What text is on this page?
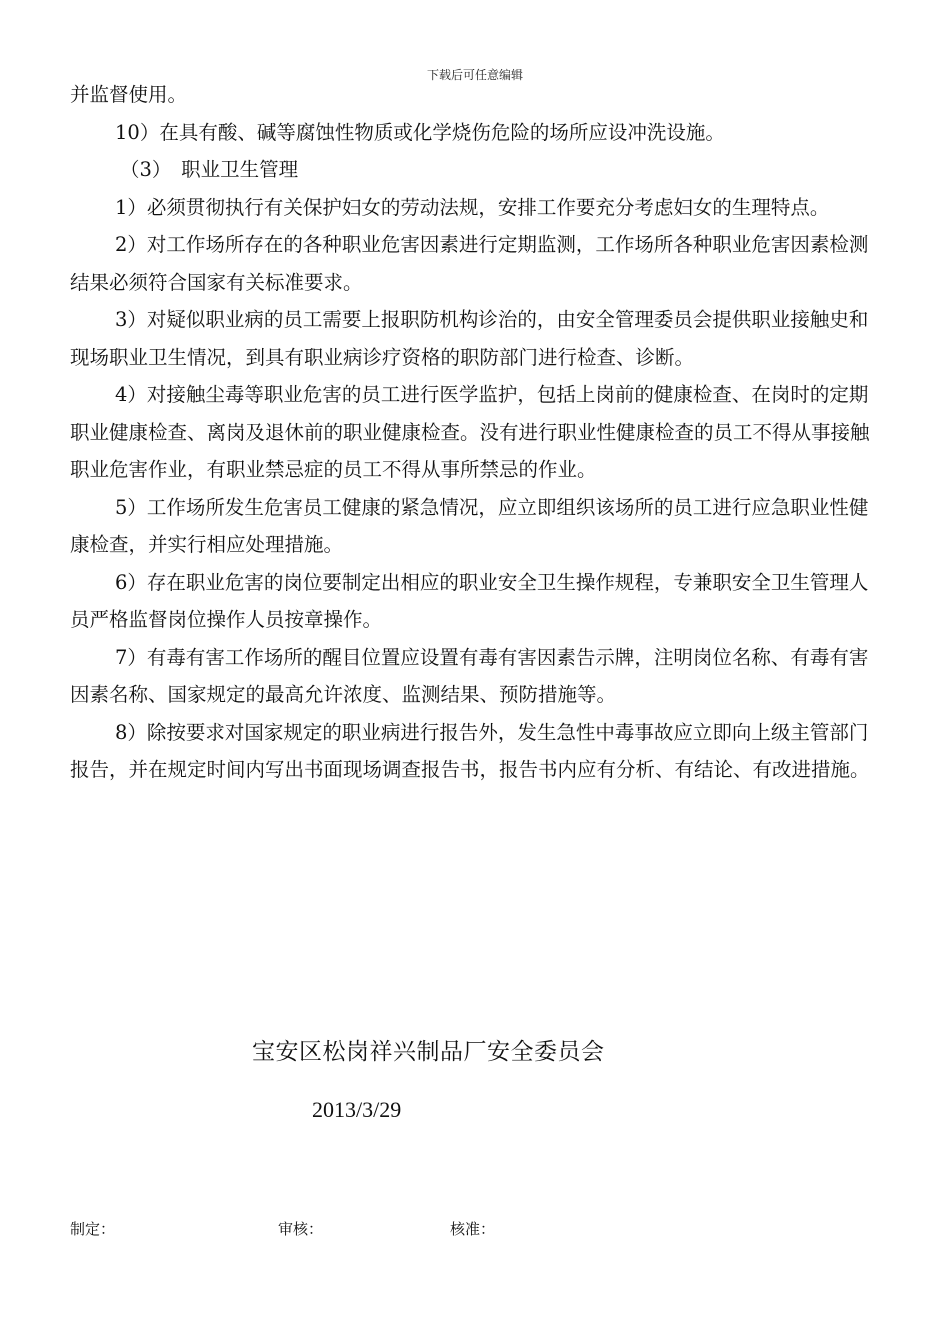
下载后可任意编辑

并监督使用。

10）在具有酸、碱等腐蚀性物质或化学烧伤危险的场所应设冲洗设施。

（3）　职业卫生管理

1）必须贯彻执行有关保护妇女的劳动法规，安排工作要充分考虑妇女的生理特点。

2）对工作场所存在的各种职业危害因素进行定期监测，工作场所各种职业危害因素检测结果必须符合国家有关标准要求。

3）对疑似职业病的员工需要上报职防机构诊治的，由安全管理委员会提供职业接触史和现场职业卫生情况，到具有职业病诊疗资格的职防部门进行检查、诊断。

4）对接触尘毒等职业危害的员工进行医学监护，包括上岗前的健康检查、在岗时的定期职业健康检查、离岗及退休前的职业健康检查。没有进行职业性健康检查的员工不得从事接触职业危害作业，有职业禁忌症的员工不得从事所禁忌的作业。

5）工作场所发生危害员工健康的紧急情况，应立即组织该场所的员工进行应急职业性健康检查，并实行相应处理措施。

6）存在职业危害的岗位要制定出相应的职业安全卫生操作规程，专兼职安全卫生管理人员严格监督岗位操作人员按章操作。

7）有毒有害工作场所的醒目位置应设置有毒有害因素告示牌，注明岗位名称、有毒有害因素名称、国家规定的最高允许浓度、监测结果、预防措施等。

8）除按要求对国家规定的职业病进行报告外，发生急性中毒事故应立即向上级主管部门报告，并在规定时间内写出书面现场调查报告书，报告书内应有分析、有结论、有改进措施。

宝安区松岗祥兴制品厂安全委员会
2013/3/29
制定：	审核：	核准：
